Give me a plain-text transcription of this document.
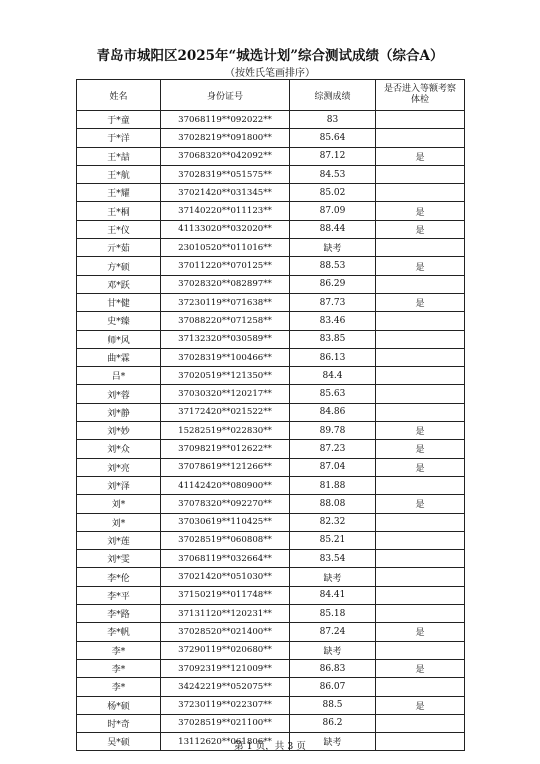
青岛市城阳区2025年“城选计划”综合测试成绩（综合A）
（按姓氏笔画排序）
姓名	身份证号	综测成绩	是否进入等额考察体检
于*童	37068119**092022**	83	
于*洋	37028219**091800**	85.64	
王*喆	37068320**042092**	87.12	是
王*航	37028319**051575**	84.53	
王*耀	37021420**031345**	85.02	
王*桐	37140220**011123**	87.09	是
王*仪	41133020**032020**	88.44	是
亓*茹	23010520**011016**	缺考	
方*硕	37011220**070125**	88.53	是
邓*跃	37028320**082897**	86.29	
甘*健	37230119**071638**	87.73	是
史*臻	37088220**071258**	83.46	
师*风	37132320**030589**	83.85	
曲*霖	37028319**100466**	86.13	
吕*	37020519**121350**	84.4	
刘*蓉	37030320**120217**	85.63	
刘*静	37172420**021522**	84.86	
刘*妙	15282519**022830**	89.78	是
刘*众	37098219**012622**	87.23	是
刘*亮	37078619**121266**	87.04	是
刘*泽	41142420**080900**	81.88	
刘*	37078320**092270**	88.08	是
刘*	37030619**110425**	82.32	
刘*莲	37028519**060808**	85.21	
刘*雯	37068119**032664**	83.54	
李*伦	37021420**051030**	缺考	
李*平	37150219**011748**	84.41	
李*路	37131120**120231**	85.18	
李*帆	37028520**021400**	87.24	是
李*	37290119**020680**	缺考	
李*	37092319**121009**	86.83	是
李*	34242219**052075**	86.07	
杨*硕	37230119**022307**	88.5	是
时*奇	37028519**021100**	86.2	
吴*硕	13112620**061806**	缺考	
第 1 页，共 3 页
